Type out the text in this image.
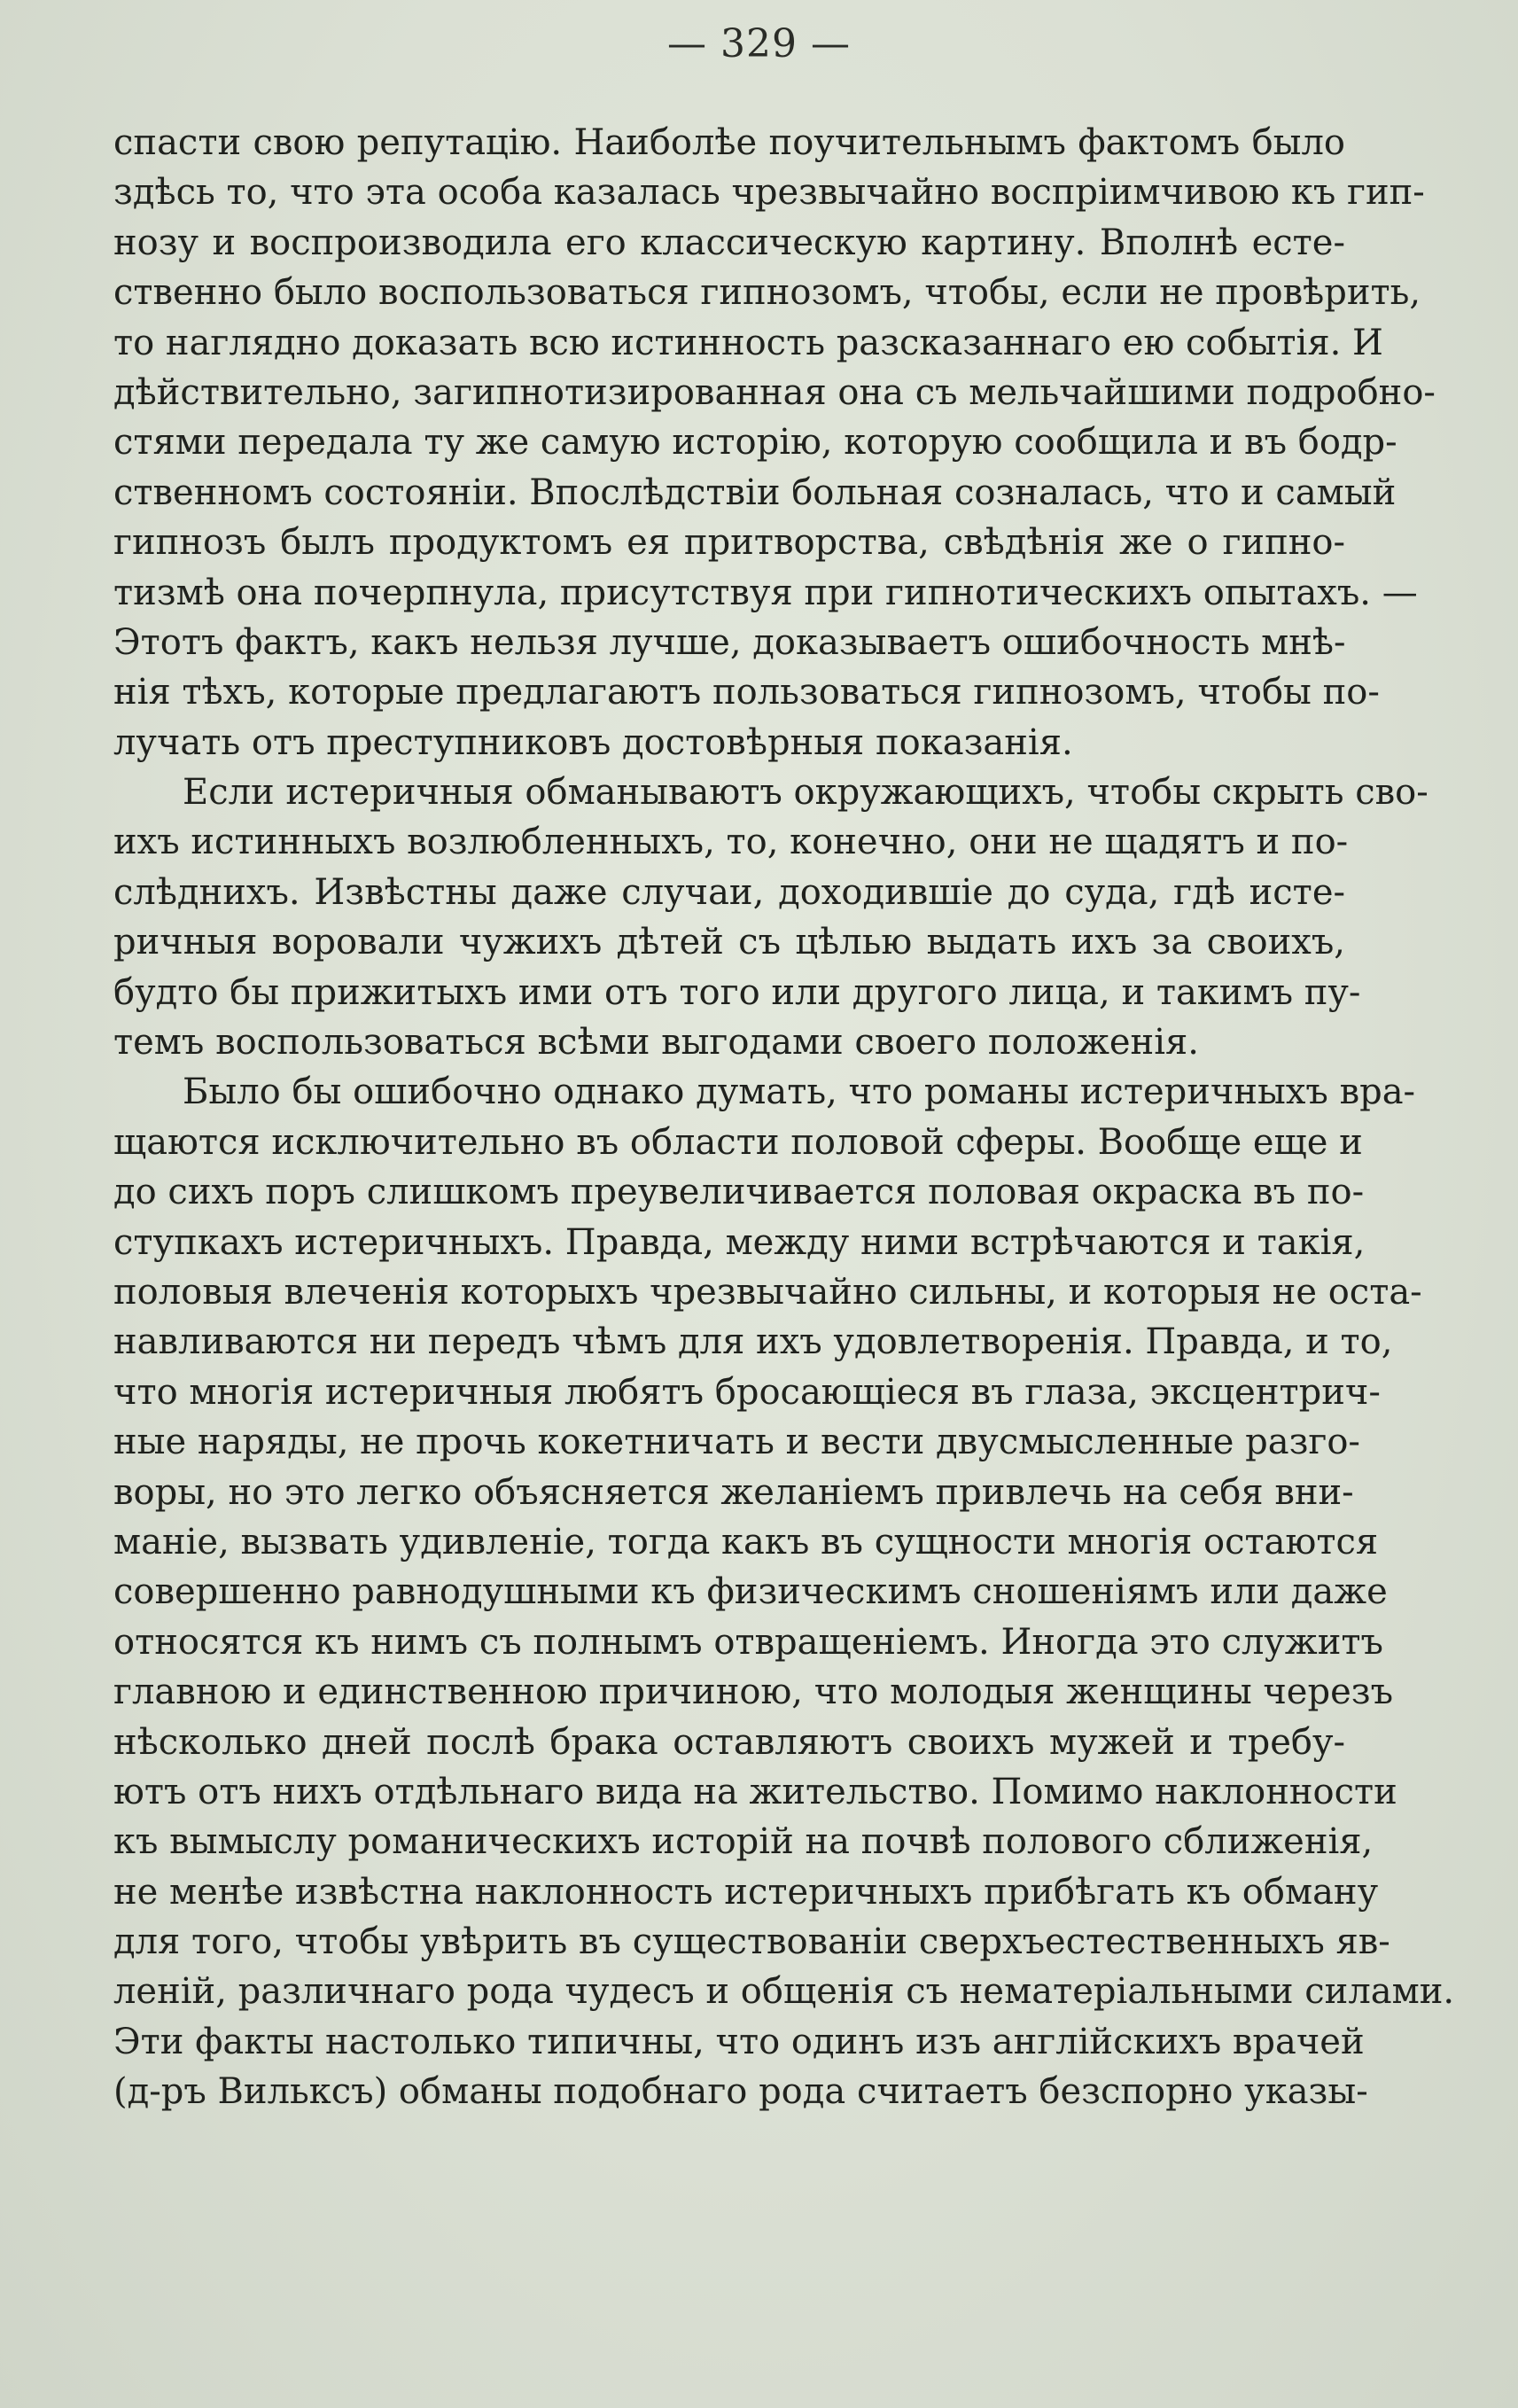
— 329 —
спасти свою репутацію. Наиболѣе поучительнымъ фактомъ было
здѣсь то, что эта особа казалась чрезвычайно воспріимчивою къ гип-
нозу и воспроизводила его классическую картину. Вполнѣ есте-
ственно было воспользоваться гипнозомъ, чтобы, если не провѣрить,
то наглядно доказать всю истинность разсказаннаго ею событія. И
дѣйствительно, загипнотизированная она съ мельчайшими подробно-
стями передала ту же самую исторію, которую сообщила и въ бодр-
ственномъ состояніи. Впослѣдствіи больная созналась, что и самый
гипнозъ былъ продуктомъ ея притворства, свѣдѣнія же о гипно-
тизмѣ она почерпнула, присутствуя при гипнотическихъ опытахъ. —
Этотъ фактъ, какъ нельзя лучше, доказываетъ ошибочность мнѣ-
нія тѣхъ, которые предлагаютъ пользоваться гипнозомъ, чтобы по-
лучать отъ преступниковъ достовѣрныя показанія.
Если истеричныя обманываютъ окружающихъ, чтобы скрыть сво-
ихъ истинныхъ возлюбленныхъ, то, конечно, они не щадятъ и по-
слѣднихъ. Извѣстны даже случаи, доходившіе до суда, гдѣ исте-
ричныя воровали чужихъ дѣтей съ цѣлью выдать ихъ за своихъ,
будто бы прижитыхъ ими отъ того или другого лица, и такимъ пу-
темъ воспользоваться всѣми выгодами своего положенія.
Было бы ошибочно однако думать, что романы истеричныхъ вра-
щаются исключительно въ области половой сферы. Вообще еще и
до сихъ поръ слишкомъ преувеличивается половая окраска въ по-
ступкахъ истеричныхъ. Правда, между ними встрѣчаются и такія,
половыя влеченія которыхъ чрезвычайно сильны, и которыя не оста-
навливаются ни передъ чѣмъ для ихъ удовлетворенія. Правда, и то,
что многія истеричныя любятъ бросающіеся въ глаза, эксцентрич-
ные наряды, не прочь кокетничать и вести двусмысленные разго-
воры, но это легко объясняется желаніемъ привлечь на себя вни-
маніе, вызвать удивленіе, тогда какъ въ сущности многія остаются
совершенно равнодушными къ физическимъ сношеніямъ или даже
относятся къ нимъ съ полнымъ отвращеніемъ. Иногда это служитъ
главною и единственною причиною, что молодыя женщины черезъ
нѣсколько дней послѣ брака оставляютъ своихъ мужей и требу-
ютъ отъ нихъ отдѣльнаго вида на жительство. Помимо наклонности
къ вымыслу романическихъ исторій на почвѣ полового сближенія,
не менѣе извѣстна наклонность истеричныхъ прибѣгать къ обману
для того, чтобы увѣрить въ существованіи сверхъестественныхъ яв-
леній, различнаго рода чудесъ и общенія съ нематеріальными силами.
Эти факты настолько типичны, что одинъ изъ англійскихъ врачей
(д-ръ Вилькcъ) обманы подобнаго рода считаетъ безспорно указы-
